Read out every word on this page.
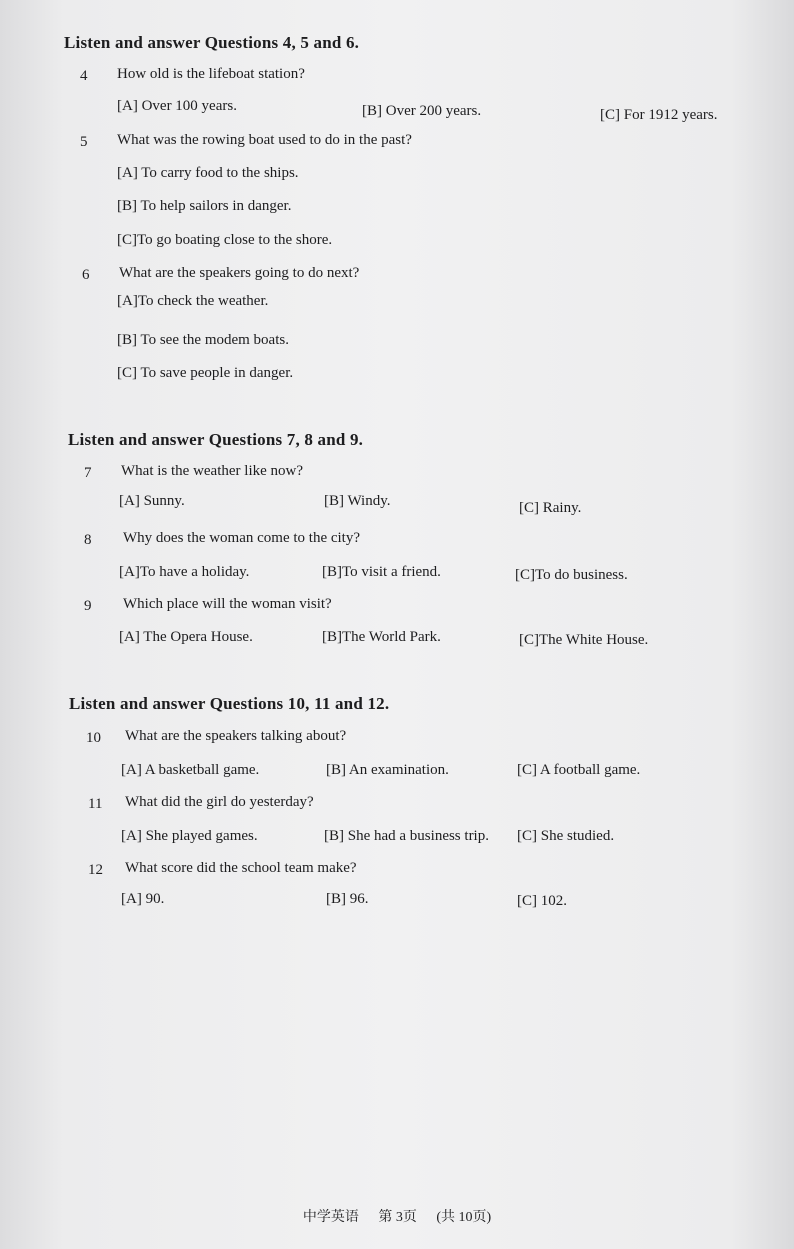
Listen and answer Questions 4, 5 and 6.
4 How old is the lifeboat station?
[A] Over 100 years.	[B] Over 200 years.	[C] For 1912 years.
5 What was the rowing boat used to do in the past?
[A] To carry food to the ships.
[B] To help sailors in danger.
[C]To go boating close to the shore.
6 What are the speakers going to do next?
[A]To check the weather.
[B] To see the modem boats.
[C] To save people in danger.
Listen and answer Questions 7, 8 and 9.
7 What is the weather like now?
[A] Sunny.	[B] Windy.	[C] Rainy.
8 Why does the woman come to the city?
[A]To have a holiday.	[B]To visit a friend.	[C]To do business.
9 Which place will the woman visit?
[A] The Opera House.	[B]The World Park.	[C]The White House.
Listen and answer Questions 10, 11 and 12.
10 What are the speakers talking about?
[A] A basketball game.	[B] An examination.	[C] A football game.
11 What did the girl do yesterday?
[A] She played games.	[B] She had a business trip. [C] She studied.
12 What score did the school team make?
[A] 90.	[B] 96.	[C] 102.
中学英语 第 3页 (共 10页)
